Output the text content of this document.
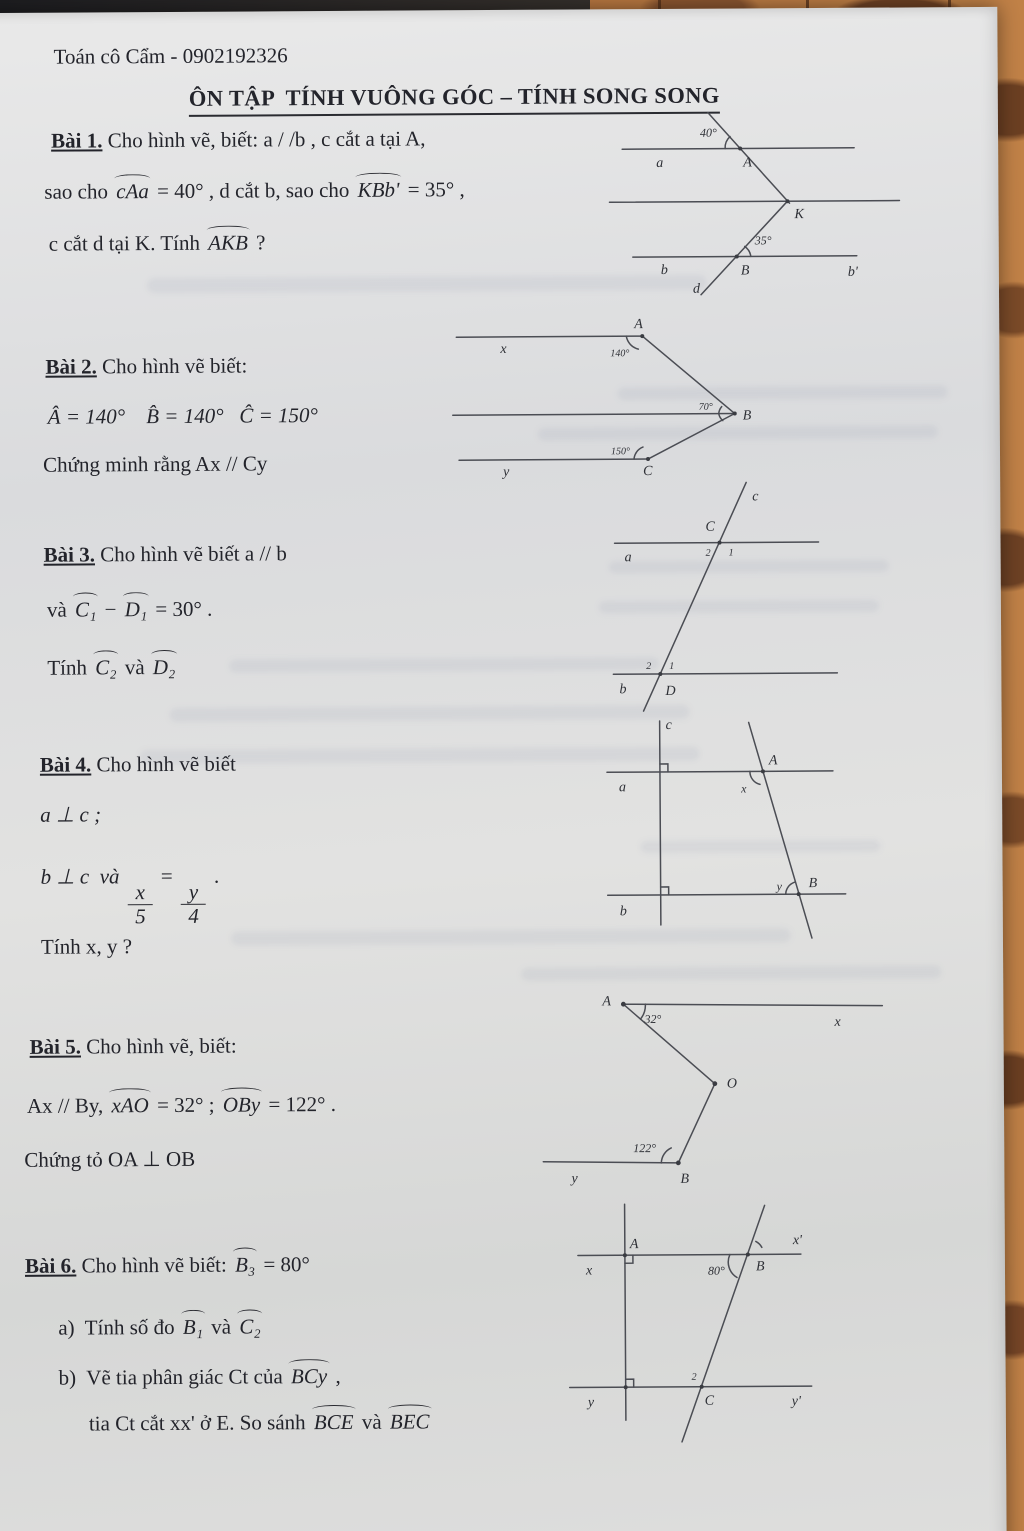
Toán cô Cẩm - 0902192326
ÔN TẬP  TÍNH VUÔNG GÓC – TÍNH SONG SONG
Bài 1. Cho hình vẽ, biết: a / /b , c cắt a tại A,
sao cho cAa = 40° , d cắt b, sao cho KBb' = 35° ,
c cắt d tại K. Tính AKB ?
40°
a	A
K
35°
b	B	b'
d
Bài 2. Cho hình vẽ biết:
Â = 140°    B̂ = 140°   Ĉ = 150°
Chứng minh rằng Ax // Cy
A
x	140°
B
70°
150°
C
y
Bài 3. Cho hình vẽ biết a // b
và C₁ − D₁ = 30° .
Tính C₂ và D₂
c
C
a	2 1
2 1
b	D
Bài 4. Cho hình vẽ biết
a ⊥ c ;
b ⊥ c  và
$\frac{x}{5}$
=
$\frac{y}{4}$
.
Tính x, y ?
c
a
A
x
b
B
y
Bài 5. Cho hình vẽ, biết:
Ax // By, xAO = 32° ; OBy = 122° .
Chứng tỏ OA ⊥ OB
A
x
32°
O
B
y
122°
Bài 6. Cho hình vẽ biết: B₃ = 80°
a)  Tính số đo B₁ và C₂
b)  Vẽ tia phân giác Ct của BCy ,
tia Ct cắt xx' ở E. So sánh BCE và BEC
x
x'
A
B
80°
y	y'
C
2
